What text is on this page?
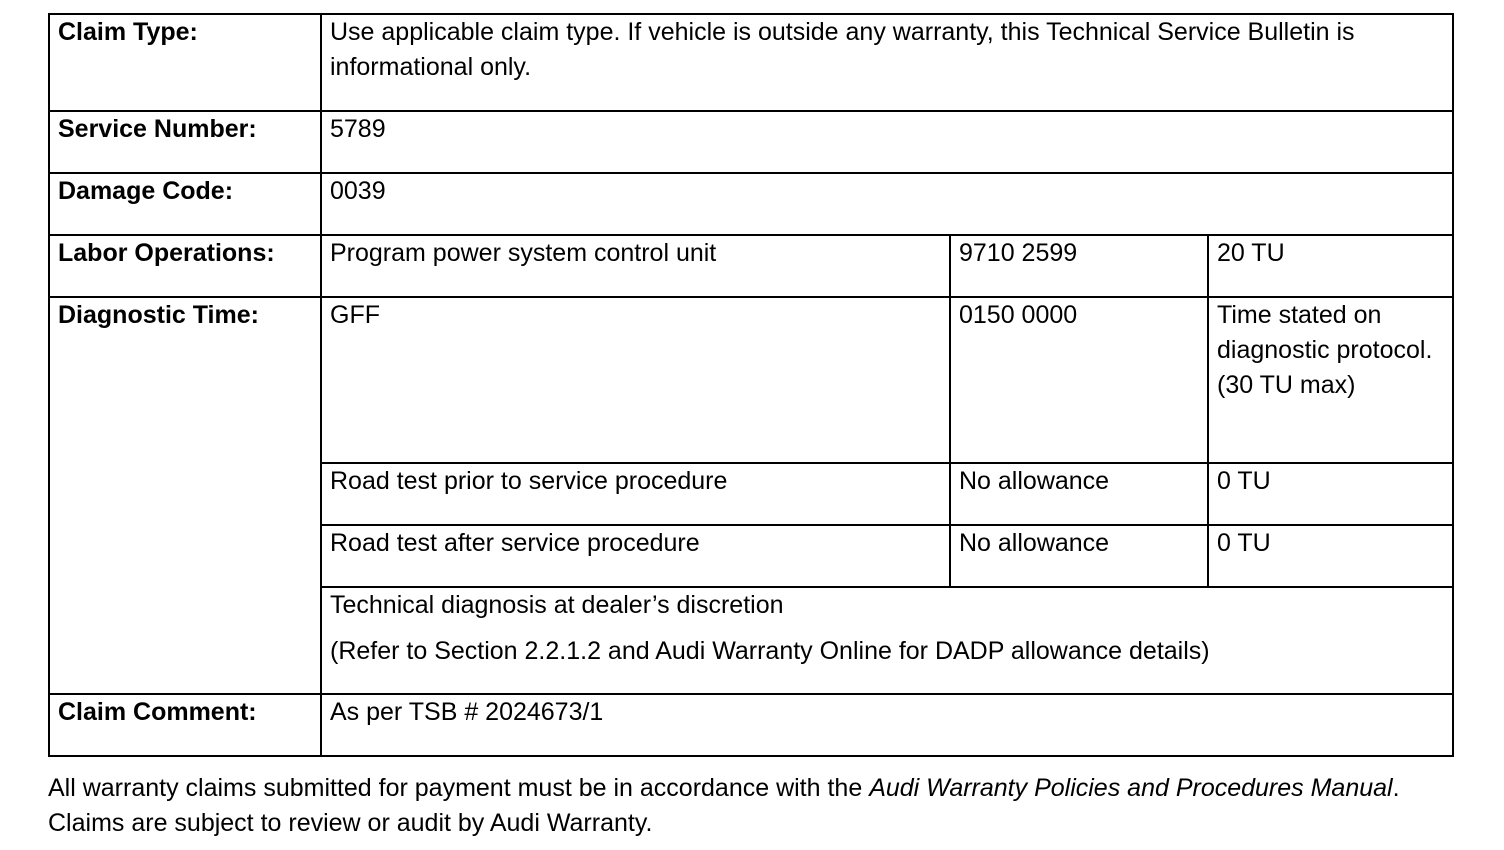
Claim Type:	Use applicable claim type. If vehicle is outside any warranty, this Technical Service Bulletin is informational only.		
Service Number:	5789		
Damage Code:	0039		
Labor Operations:	Program power system control unit	9710 2599	20 TU
Diagnostic Time:	GFF	0150 0000	Time stated on diagnostic protocol. (30 TU max)
	Road test prior to service procedure	No allowance	0 TU
	Road test after service procedure	No allowance	0 TU

	Technical diagnosis at dealer’s discretion
(Refer to Section 2.2.1.2 and Audi Warranty Online for DADP allowance details)		

Claim Comment:	As per TSB # 2024673/1		

All warranty claims submitted for payment must be in accordance with the Audi Warranty Policies and Procedures Manual. Claims are subject to review or audit by Audi Warranty.
